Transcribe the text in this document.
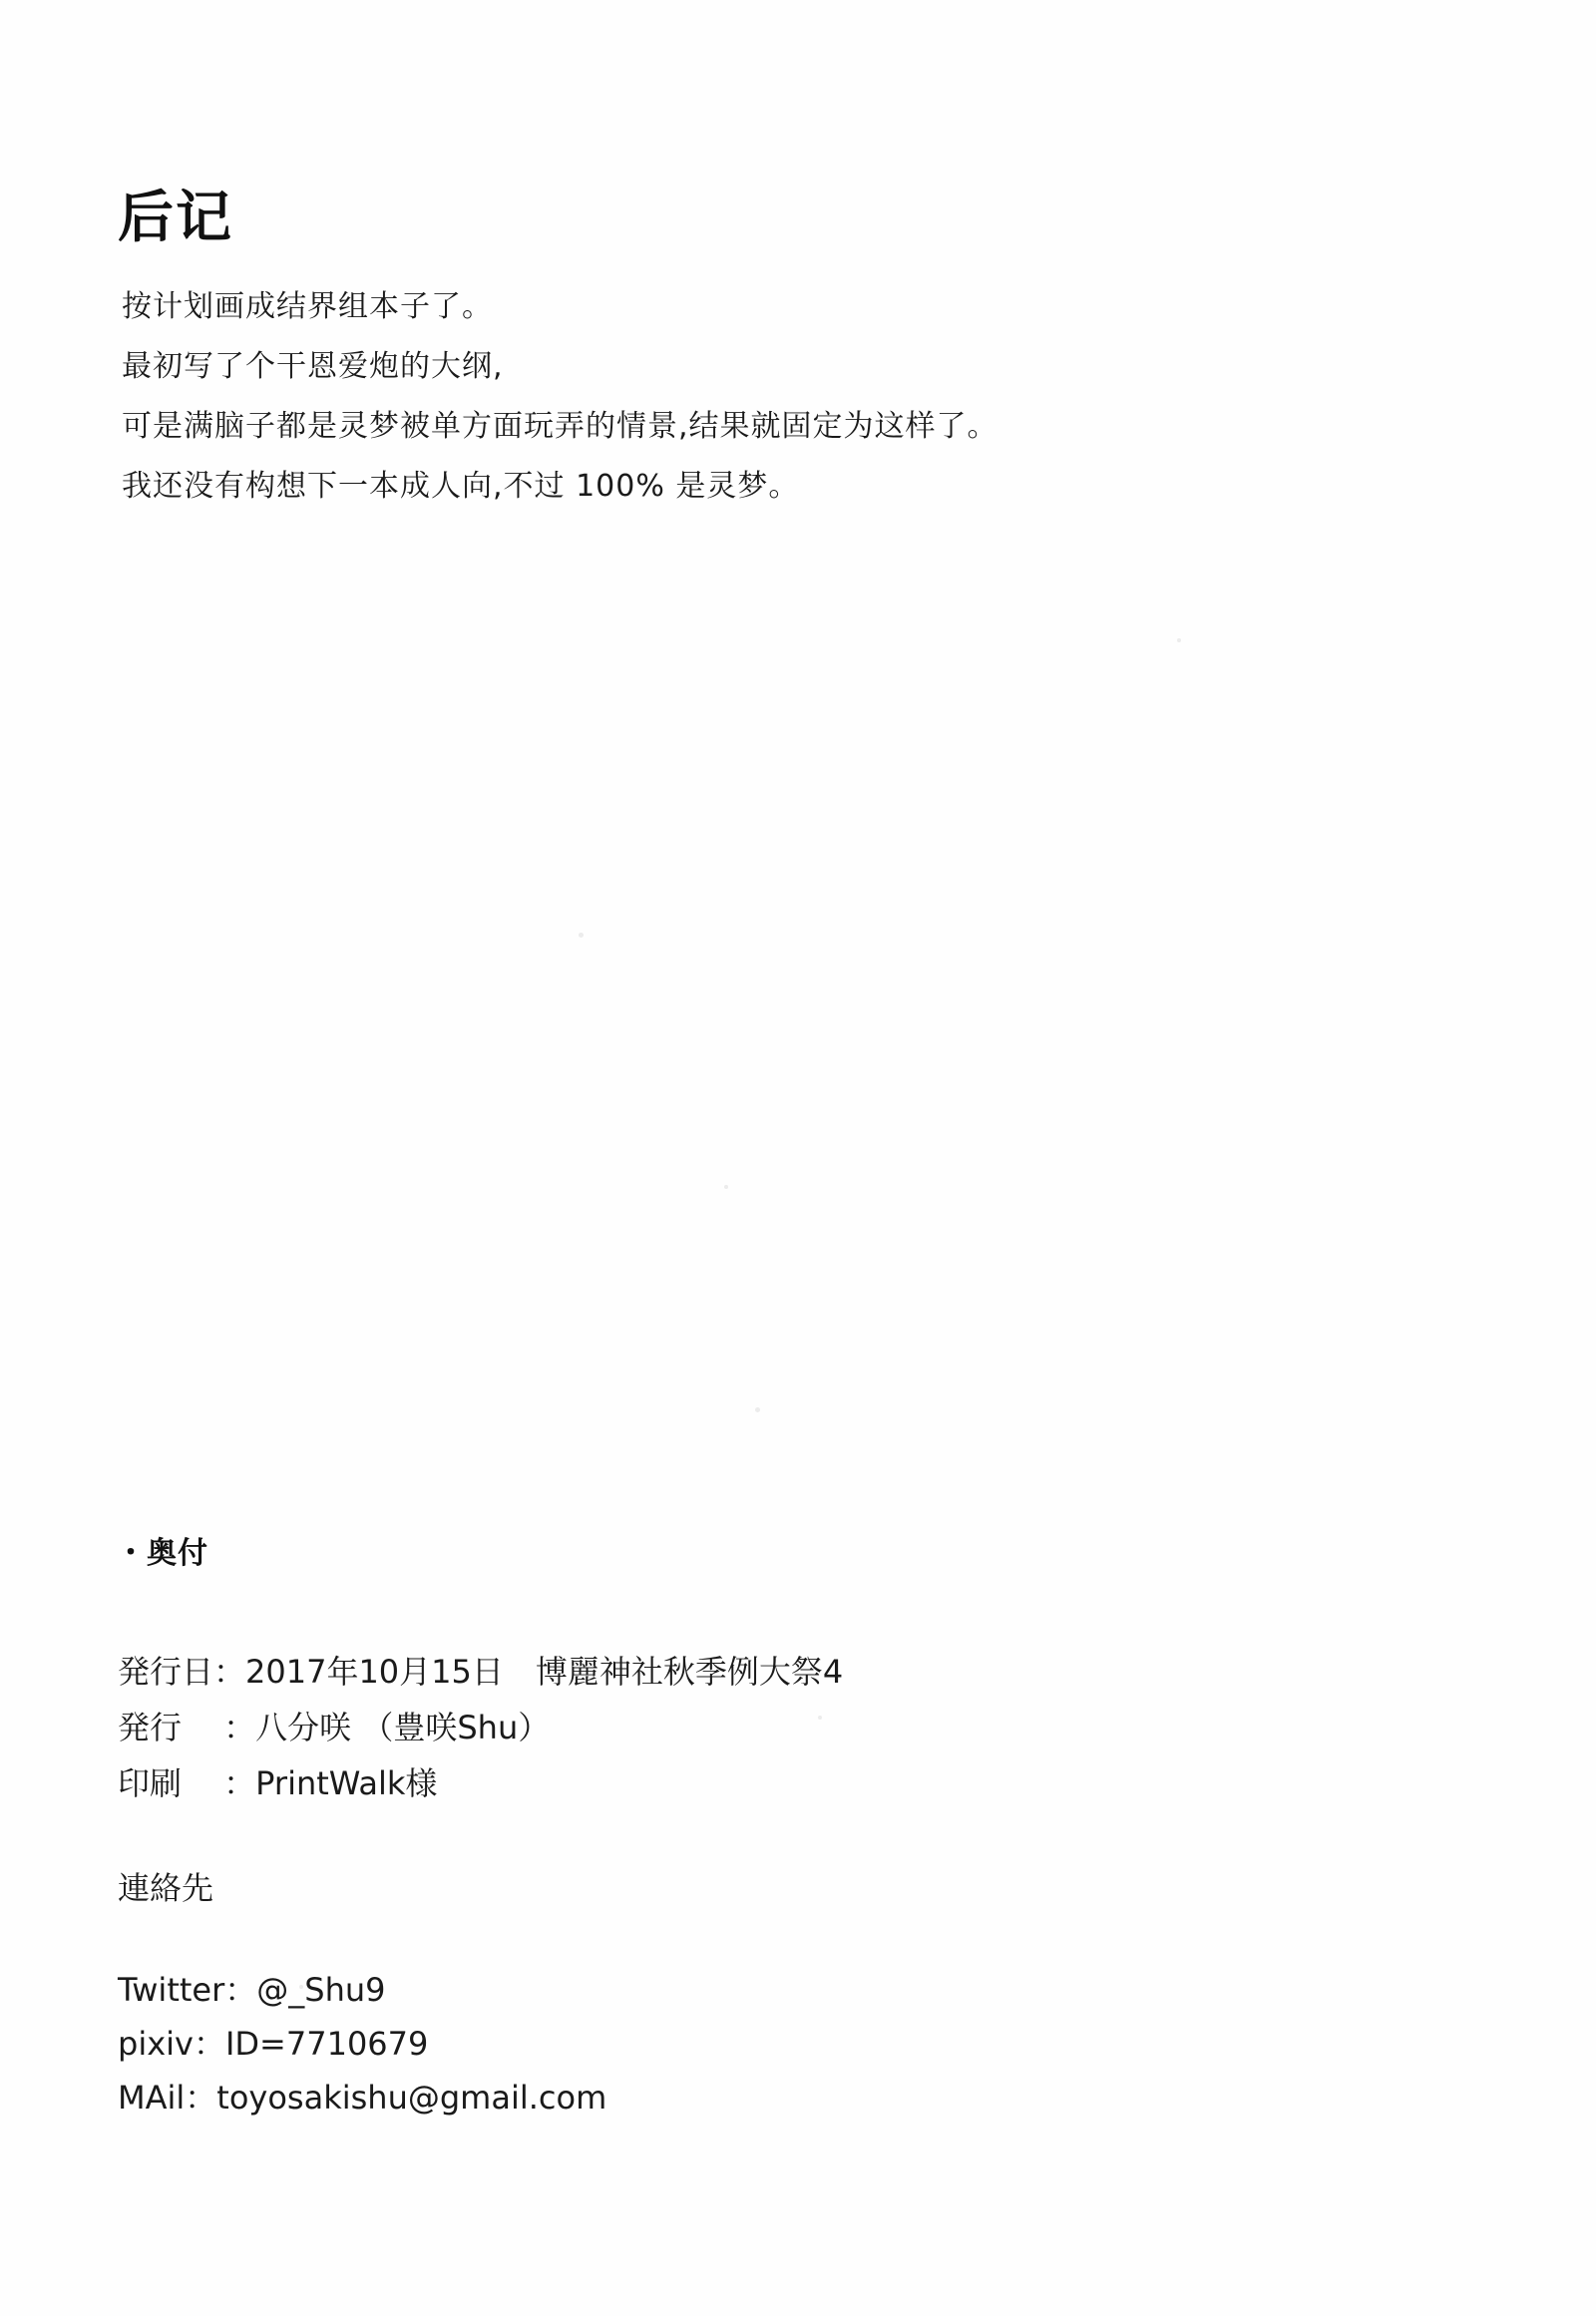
后记
按计划画成结界组本子了。
最初写了个干恩爱炮的大纲,
可是满脑子都是灵梦被单方面玩弄的情景,结果就固定为这样了。
我还没有构想下一本成人向,不过 100% 是灵梦。
・奥付
発行日：2017年10月15日　博麗神社秋季例大祭4
発行　 ：八分咲 （豊咲Shu）
印刷　 ：PrintWalk様
連絡先
Twitter：@_Shu9
pixiv：ID=7710679
MAil：toyosakishu@gmail.com
